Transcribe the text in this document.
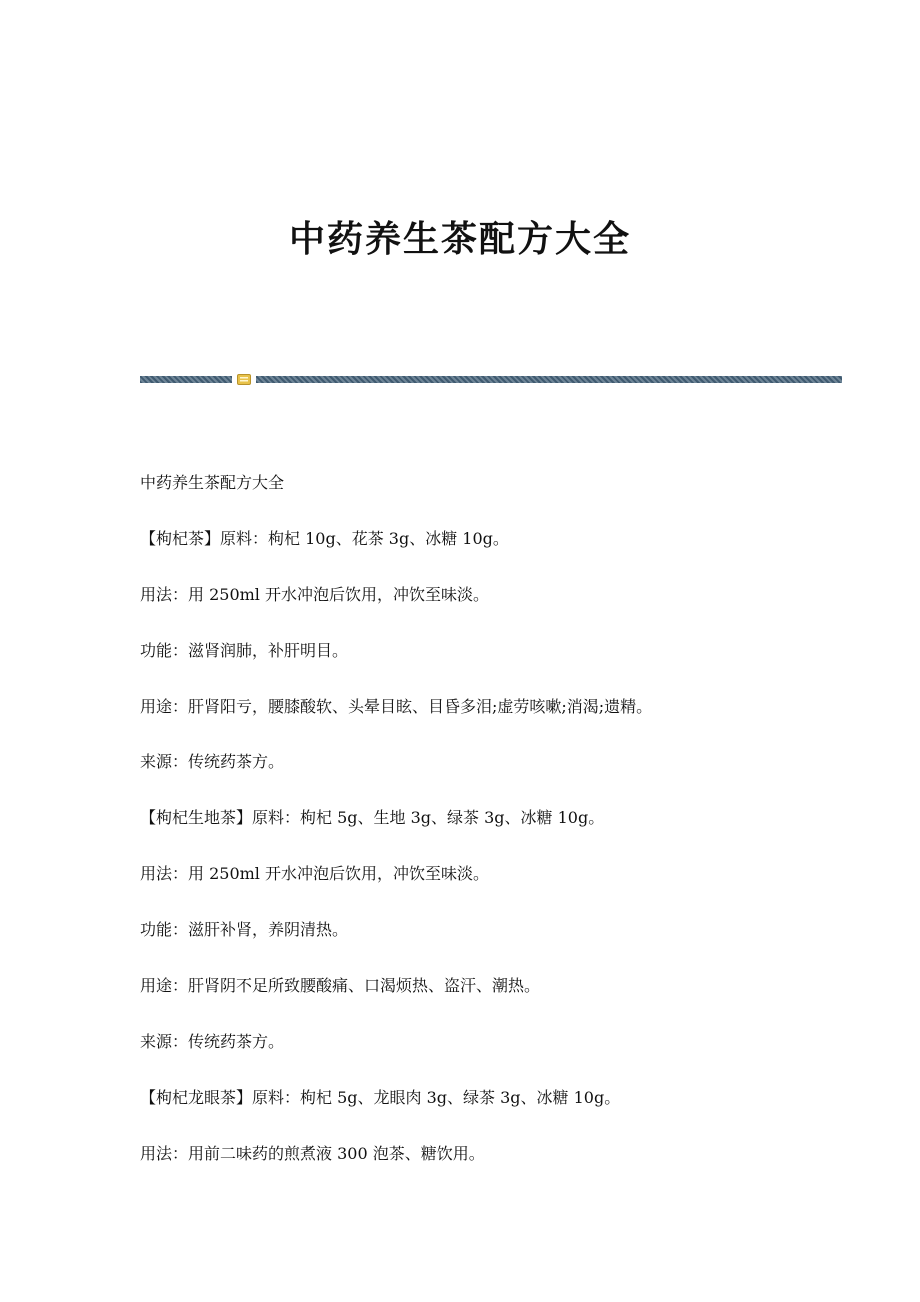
中药养生茶配方大全

中药养生茶配方大全

【枸杞茶】原料：枸杞 10g、花茶 3g、冰糖 10g。

用法：用 250ml 开水冲泡后饮用，冲饮至味淡。

功能：滋肾润肺，补肝明目。

用途：肝肾阳亏，腰膝酸软、头晕目眩、目昏多泪;虚劳咳嗽;消渴;遗精。

来源：传统药茶方。

【枸杞生地茶】原料：枸杞 5g、生地 3g、绿茶 3g、冰糖 10g。

用法：用 250ml 开水冲泡后饮用，冲饮至味淡。

功能：滋肝补肾，养阴清热。

用途：肝肾阴不足所致腰酸痛、口渴烦热、盗汗、潮热。

来源：传统药茶方。

【枸杞龙眼茶】原料：枸杞 5g、龙眼肉 3g、绿茶 3g、冰糖 10g。

用法：用前二味药的煎煮液 300 泡茶、糖饮用。
